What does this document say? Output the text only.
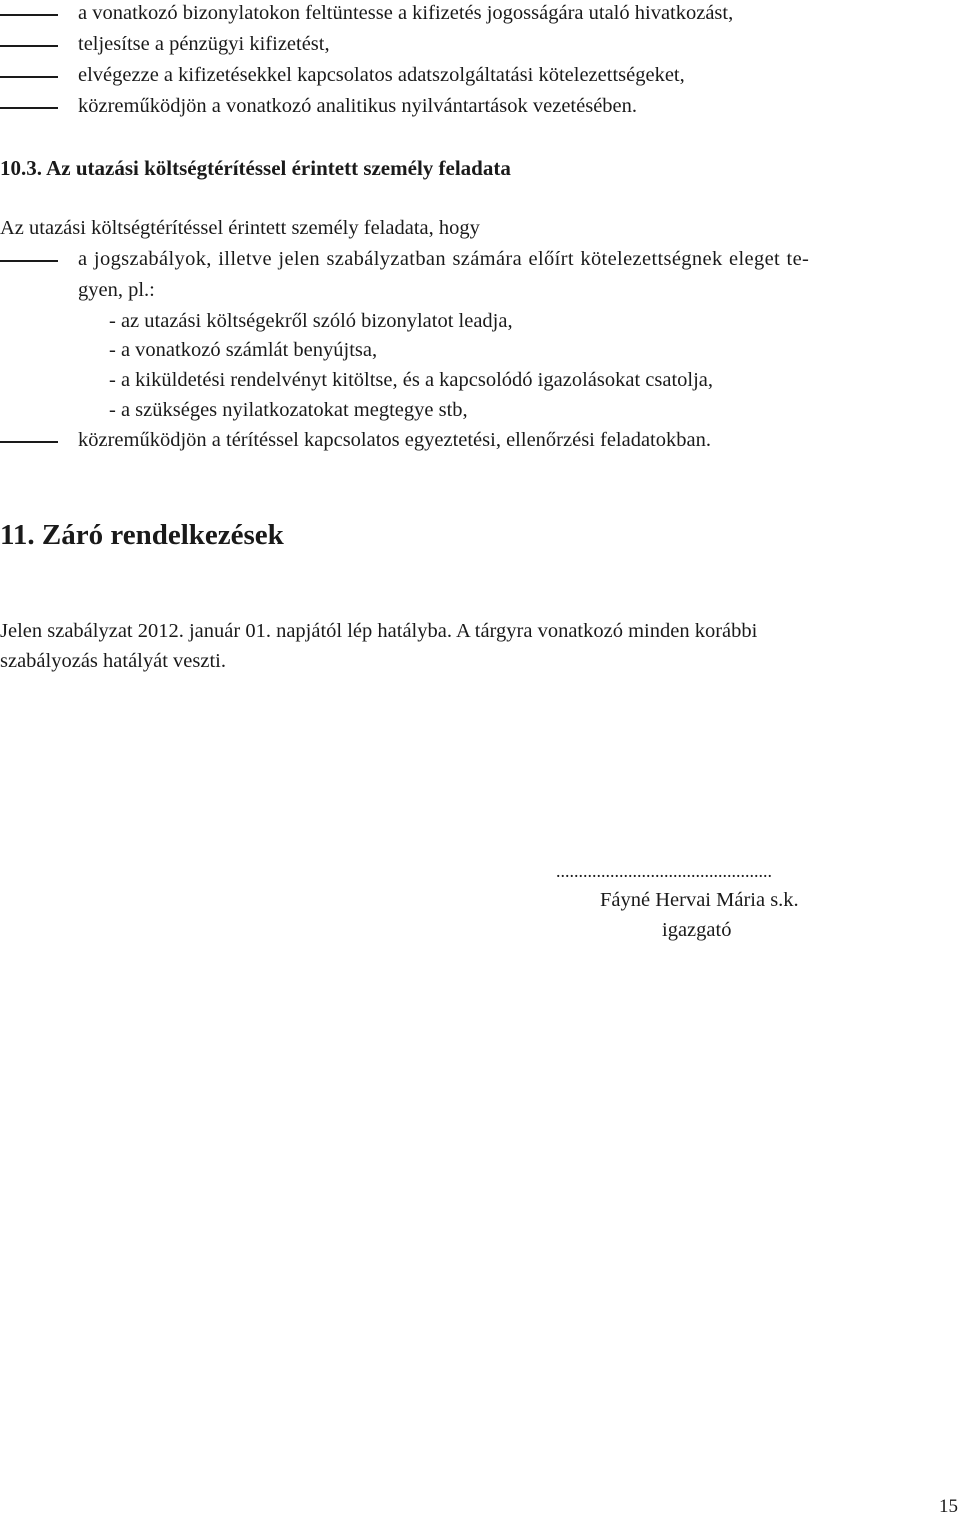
a vonatkozó bizonylatokon feltüntesse a kifizetés jogosságára utaló hivatkozást,
teljesítse a pénzügyi kifizetést,
elvégezze a kifizetésekkel kapcsolatos adatszolgáltatási kötelezettségeket,
közreműködjön a vonatkozó analitikus nyilvántartások vezetésében.
10.3. Az utazási költségtérítéssel érintett személy feladata
Az utazási költségtérítéssel érintett személy feladata, hogy
a jogszabályok, illetve jelen szabályzatban számára előírt kötelezettségnek eleget te-
gyen, pl.:
- az utazási költségekről szóló bizonylatot leadja,
- a vonatkozó számlát benyújtsa,
- a kiküldetési rendelvényt kitöltse, és a kapcsolódó igazolásokat csatolja,
- a szükséges nyilatkozatokat megtegye stb,
közreműködjön a térítéssel kapcsolatos egyeztetési, ellenőrzési feladatokban.
11. Záró rendelkezések
Jelen szabályzat 2012. január 01. napjától lép hatályba. A tárgyra vonatkozó minden korábbi
szabályozás hatályát veszti.
................................................
Fáyné Hervai Mária s.k.
igazgató
15
